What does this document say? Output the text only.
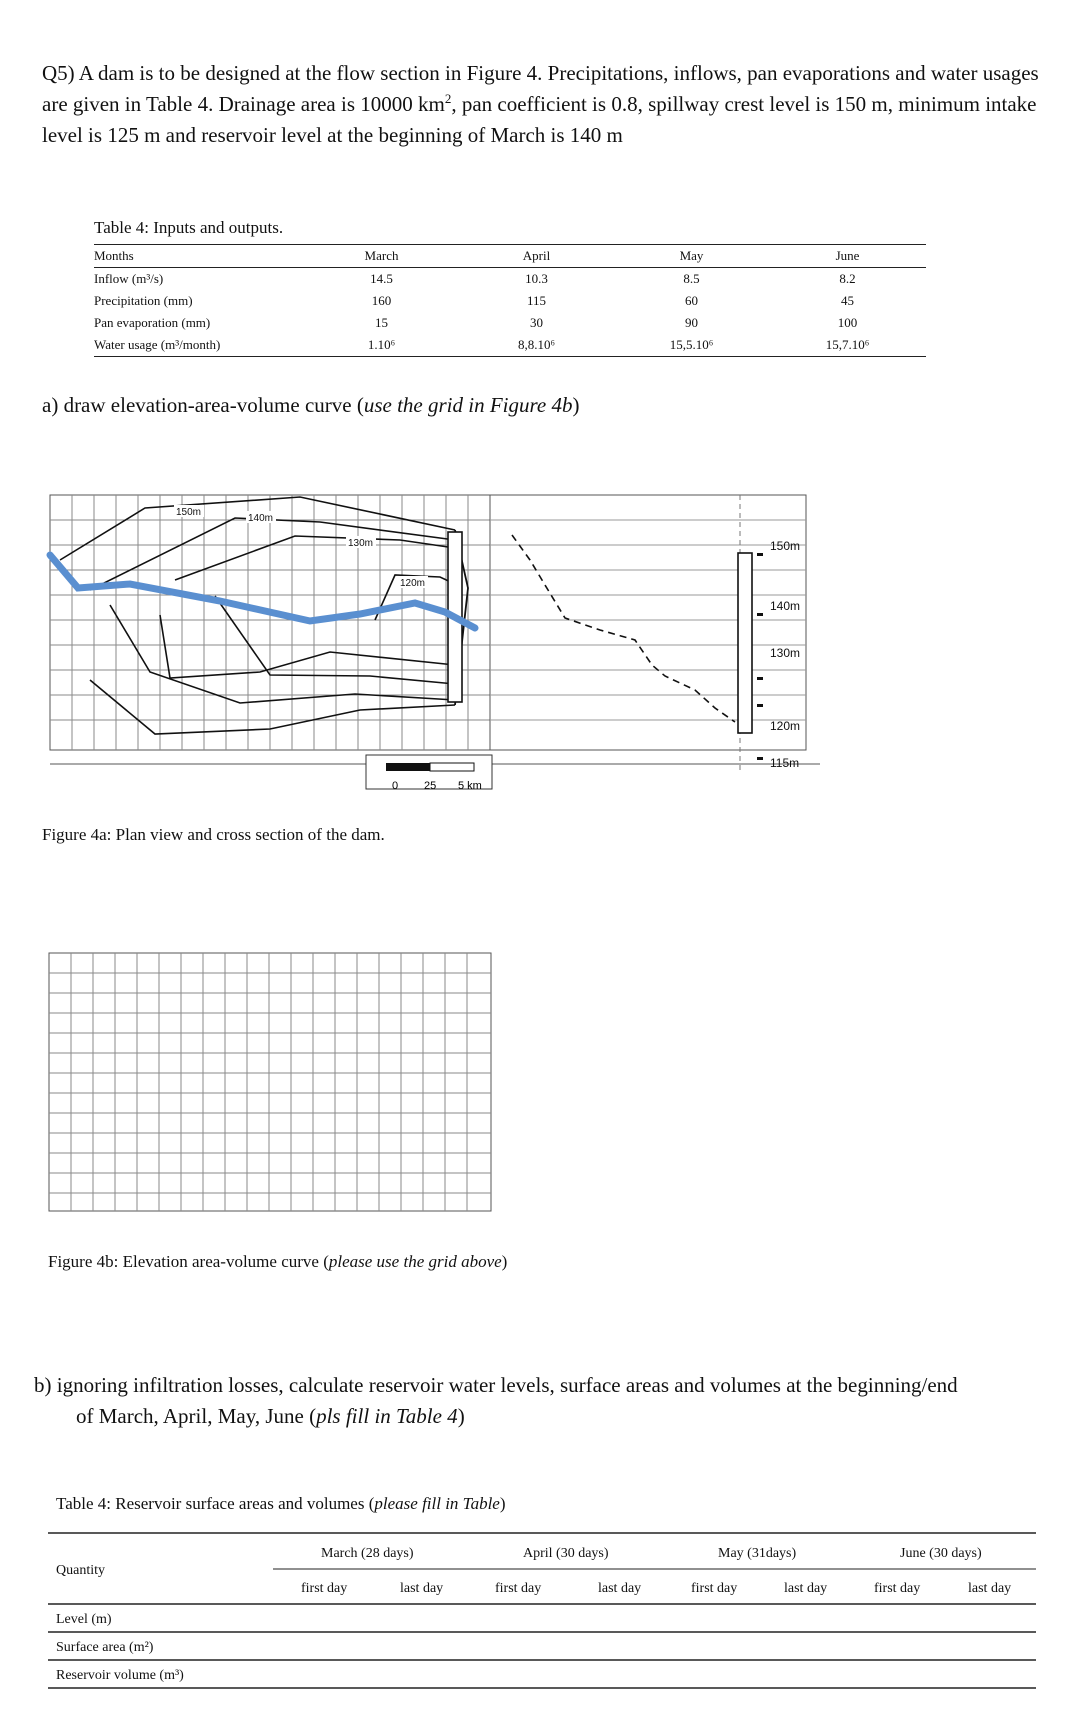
Q5) A dam is to be designed at the flow section in Figure 4. Precipitations, inflows, pan evaporations and water usages are given in Table 4. Drainage area is 10000 $km^2$, pan coefficient is 0.8, spillway crest level is 150 m, minimum intake level is 125 m and reservoir level at the beginning of March is 140 m
Table 4: Inputs and outputs.
Months	March	April	May	June
Inflow (m³/s)	14.5	10.3	8.5	8.2
Precipitation (mm)	160	115	60	45
Pan evaporation (mm)	15	30	90	100
Water usage (m³/month)	1.10⁶	8,8.10⁶	15,5.10⁶	15,7.10⁶
a) draw elevation-area-volume curve (use the grid in Figure 4b)
150m
140m
130m
120m
150m
140m
130m
120m
115m
0 25 5 km
Figure 4a: Plan view and cross section of the dam.
Figure 4b: Elevation area-volume curve (please use the grid above)
b) ignoring infiltration losses, calculate reservoir water levels, surface areas and volumes at the beginning/end
of March, April, May, June (pls fill in Table 4)
Table 4: Reservoir surface areas and volumes (please fill in Table)
Quantity
March (28 days)	April (30 days)	May (31days)	June (30 days)
first day	last day	first day	last day	first day	last day	first day	last day
Level (m)
Surface area (m²)
Reservoir volume (m³)
